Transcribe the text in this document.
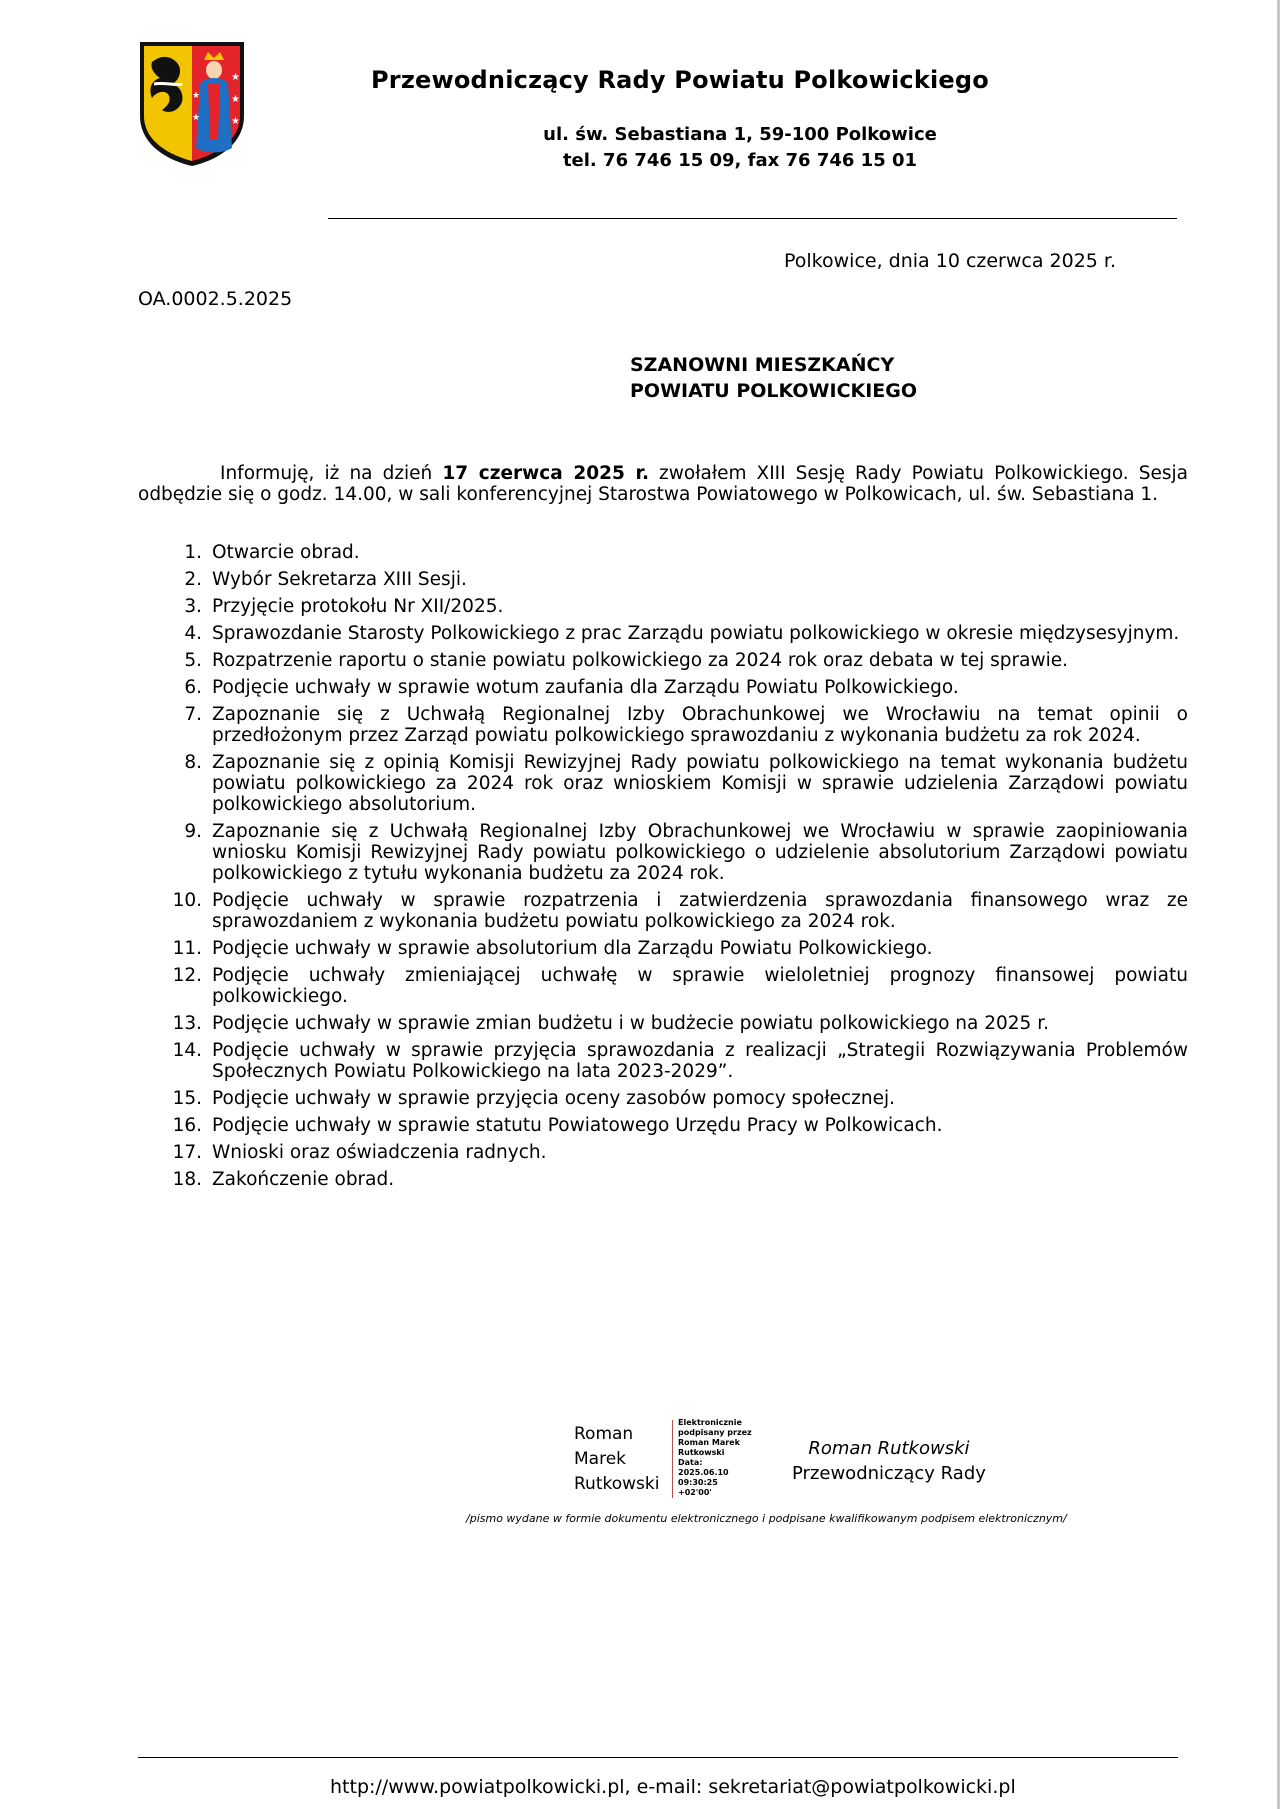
★
★
★
★
★
Przewodniczący Rady Powiatu Polkowickiego
ul. św. Sebastiana 1, 59-100 Polkowice
tel. 76 746 15 09, fax 76 746 15 01
Polkowice, dnia 10 czerwca 2025 r.
OA.0002.5.2025
SZANOWNI MIESZKAŃCY
POWIATU POLKOWICKIEGO
Informuję, iż na dzień 17 czerwca 2025 r. zwołałem XIII Sesję Rady Powiatu Polkowickiego. Sesja odbędzie się o godz. 14.00, w sali konferencyjnej Starostwa Powiatowego w Polkowicach, ul. św. Sebastiana 1.
1. Otwarcie obrad.
2. Wybór Sekretarza XIII Sesji.
3. Przyjęcie protokołu Nr XII/2025.
4. Sprawozdanie Starosty Polkowickiego z prac Zarządu powiatu polkowickiego w okresie międzysesyjnym.
5. Rozpatrzenie raportu o stanie powiatu polkowickiego za 2024 rok oraz debata w tej sprawie.
6. Podjęcie uchwały w sprawie wotum zaufania dla Zarządu Powiatu Polkowickiego.
7. Zapoznanie się z Uchwałą Regionalnej Izby Obrachunkowej we Wrocławiu na temat opinii o przedłożonym przez Zarząd powiatu polkowickiego sprawozdaniu z wykonania budżetu za rok 2024.
8. Zapoznanie się z opinią Komisji Rewizyjnej Rady powiatu polkowickiego na temat wykonania budżetu powiatu polkowickiego za 2024 rok oraz wnioskiem Komisji w sprawie udzielenia Zarządowi powiatu polkowickiego absolutorium.
9. Zapoznanie się z Uchwałą Regionalnej Izby Obrachunkowej we Wrocławiu w sprawie zaopiniowania wniosku Komisji Rewizyjnej Rady powiatu polkowickiego o udzielenie absolutorium Zarządowi powiatu polkowickiego z tytułu wykonania budżetu za 2024 rok.
10. Podjęcie uchwały w sprawie rozpatrzenia i zatwierdzenia sprawozdania finansowego wraz ze sprawozdaniem z wykonania budżetu powiatu polkowickiego za 2024 rok.
11. Podjęcie uchwały w sprawie absolutorium dla Zarządu Powiatu Polkowickiego.
12. Podjęcie uchwały zmieniającej uchwałę w sprawie wieloletniej prognozy finansowej powiatu polkowickiego.
13. Podjęcie uchwały w sprawie zmian budżetu i w budżecie powiatu polkowickiego na 2025 r.
14. Podjęcie uchwały w sprawie przyjęcia sprawozdania z realizacji „Strategii Rozwiązywania Problemów Społecznych Powiatu Polkowickiego na lata 2023-2029”.
15. Podjęcie uchwały w sprawie przyjęcia oceny zasobów pomocy społecznej.
16. Podjęcie uchwały w sprawie statutu Powiatowego Urzędu Pracy w Polkowicach.
17. Wnioski oraz oświadczenia radnych.
18. Zakończenie obrad.
Roman
Marek
Rutkowski
Elektronicznie
podpisany przez
Roman Marek
Rutkowski
Data: 2025.06.10
09:30:25 +02'00'
Roman Rutkowski
Przewodniczący Rady
/pismo wydane w formie dokumentu elektronicznego i podpisane kwalifikowanym podpisem elektronicznym/
http://www.powiatpolkowicki.pl, e-mail: sekretariat@powiatpolkowicki.pl
